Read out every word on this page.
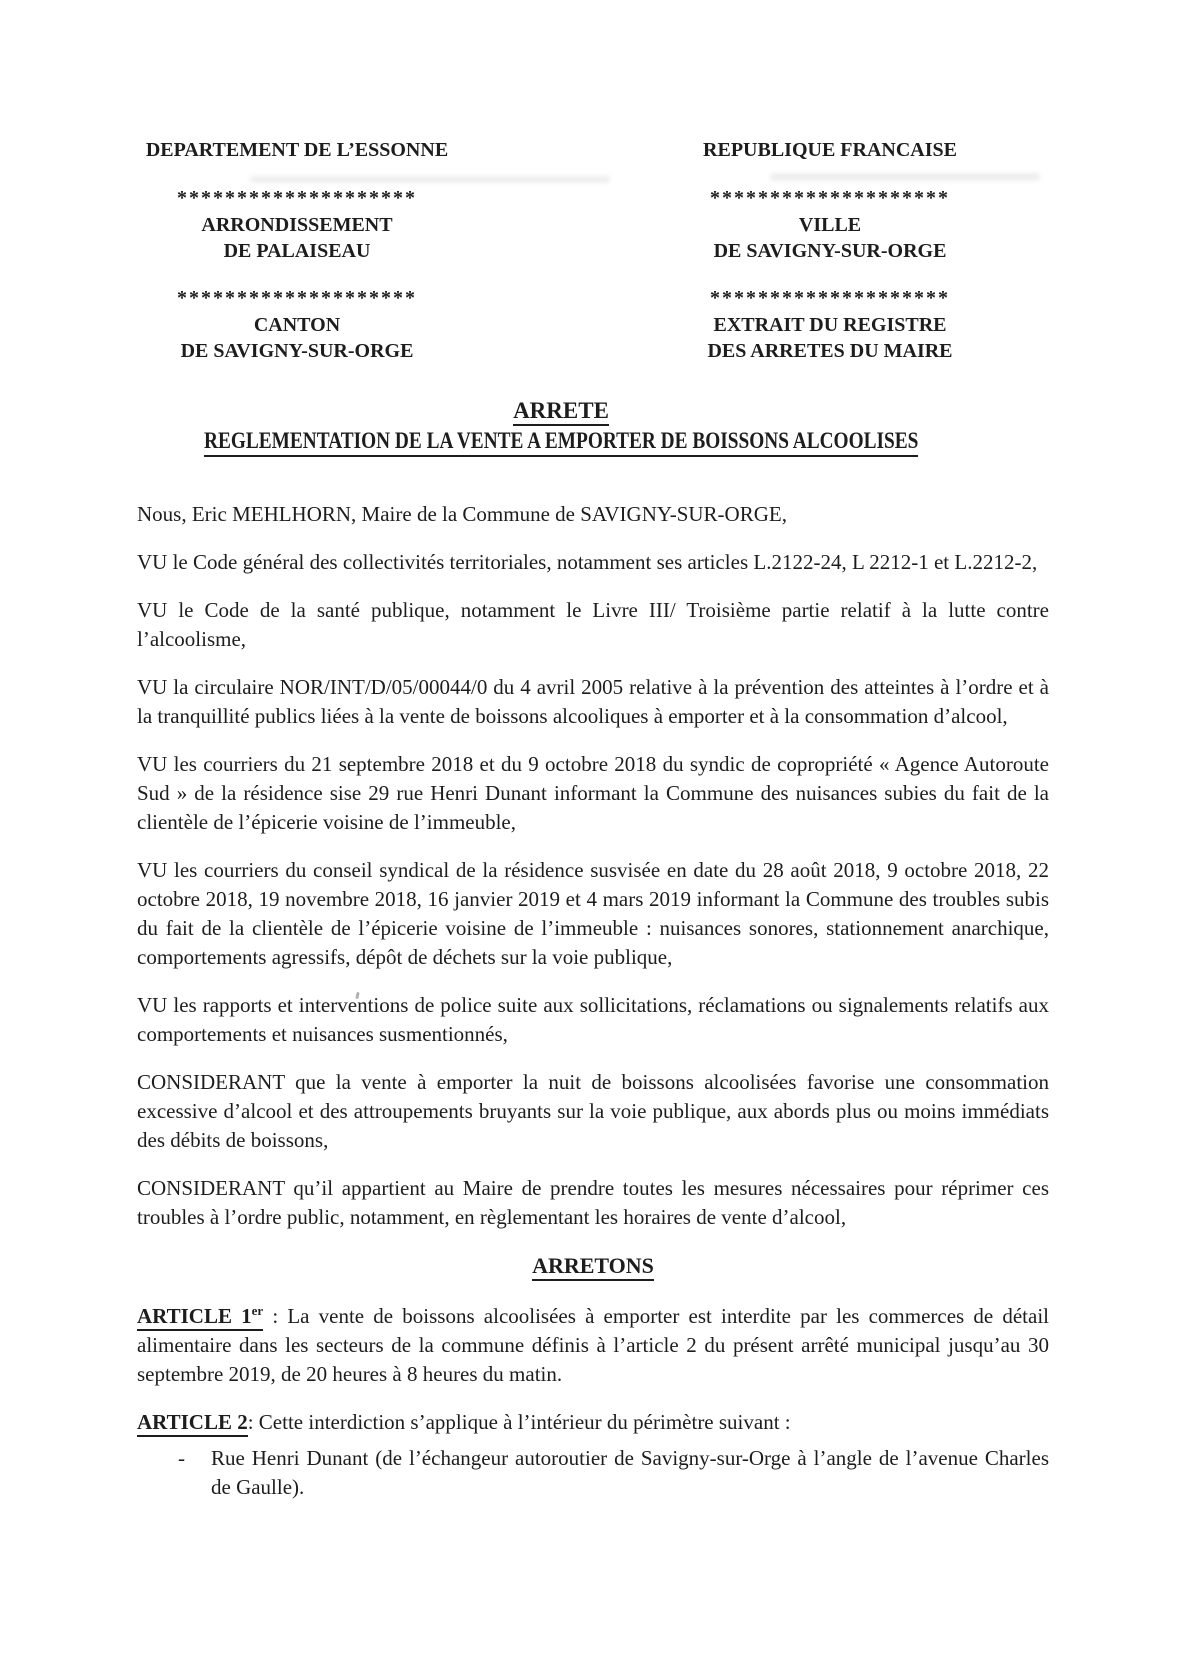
DEPARTEMENT DE L’ESSONNE
********************
ARRONDISSEMENT
DE PALAISEAU
********************
CANTON
DE SAVIGNY-SUR-ORGE
REPUBLIQUE FRANCAISE
********************
VILLE
DE SAVIGNY-SUR-ORGE
********************
EXTRAIT DU REGISTRE
DES ARRETES DU MAIRE
ARRETE
REGLEMENTATION DE LA VENTE A EMPORTER DE BOISSONS ALCOOLISES

Nous, Eric MEHLHORN, Maire de la Commune de SAVIGNY-SUR-ORGE,

VU le Code général des collectivités territoriales, notamment ses articles L.2122-24, L 2212-1 et L.2212-2,

VU le Code de la santé publique, notamment le Livre III/ Troisième partie relatif à la lutte contre l’alcoolisme,

VU la circulaire NOR/INT/D/05/00044/0 du 4 avril 2005 relative à la prévention des atteintes à l’ordre et à la tranquillité publics liées à la vente de boissons alcooliques à emporter et à la consommation d’alcool,

VU les courriers du 21 septembre 2018 et du 9 octobre 2018 du syndic de copropriété « Agence Autoroute Sud » de la résidence sise 29 rue Henri Dunant informant la Commune des nuisances subies du fait de la clientèle de l’épicerie voisine de l’immeuble,

VU les courriers du conseil syndical de la résidence susvisée en date du 28 août 2018, 9 octobre 2018, 22 octobre 2018, 19 novembre 2018, 16 janvier 2019 et 4 mars 2019 informant la Commune des troubles subis du fait de la clientèle de l’épicerie voisine de l’immeuble : nuisances sonores, stationnement anarchique, comportements agressifs, dépôt de déchets sur la voie publique,

VU les rapports et interventions de police suite aux sollicitations, réclamations ou signalements relatifs aux comportements et nuisances susmentionnés,

CONSIDERANT que la vente à emporter la nuit de boissons alcoolisées favorise une consommation excessive d’alcool et des attroupements bruyants sur la voie publique, aux abords plus ou moins immédiats des débits de boissons,

CONSIDERANT qu’il appartient au Maire de prendre toutes les mesures nécessaires pour réprimer ces troubles à l’ordre public, notamment, en règlementant les horaires de vente d’alcool,

ARRETONS

ARTICLE 1er : La vente de boissons alcoolisées à emporter est interdite par les commerces de détail alimentaire dans les secteurs de la commune définis à l’article 2 du présent arrêté municipal jusqu’au 30 septembre 2019, de 20 heures à 8 heures du matin.

ARTICLE 2: Cette interdiction s’applique à l’intérieur du périmètre suivant :

- Rue Henri Dunant (de l’échangeur autoroutier de Savigny-sur-Orge à l’angle de l’avenue Charles de Gaulle).
